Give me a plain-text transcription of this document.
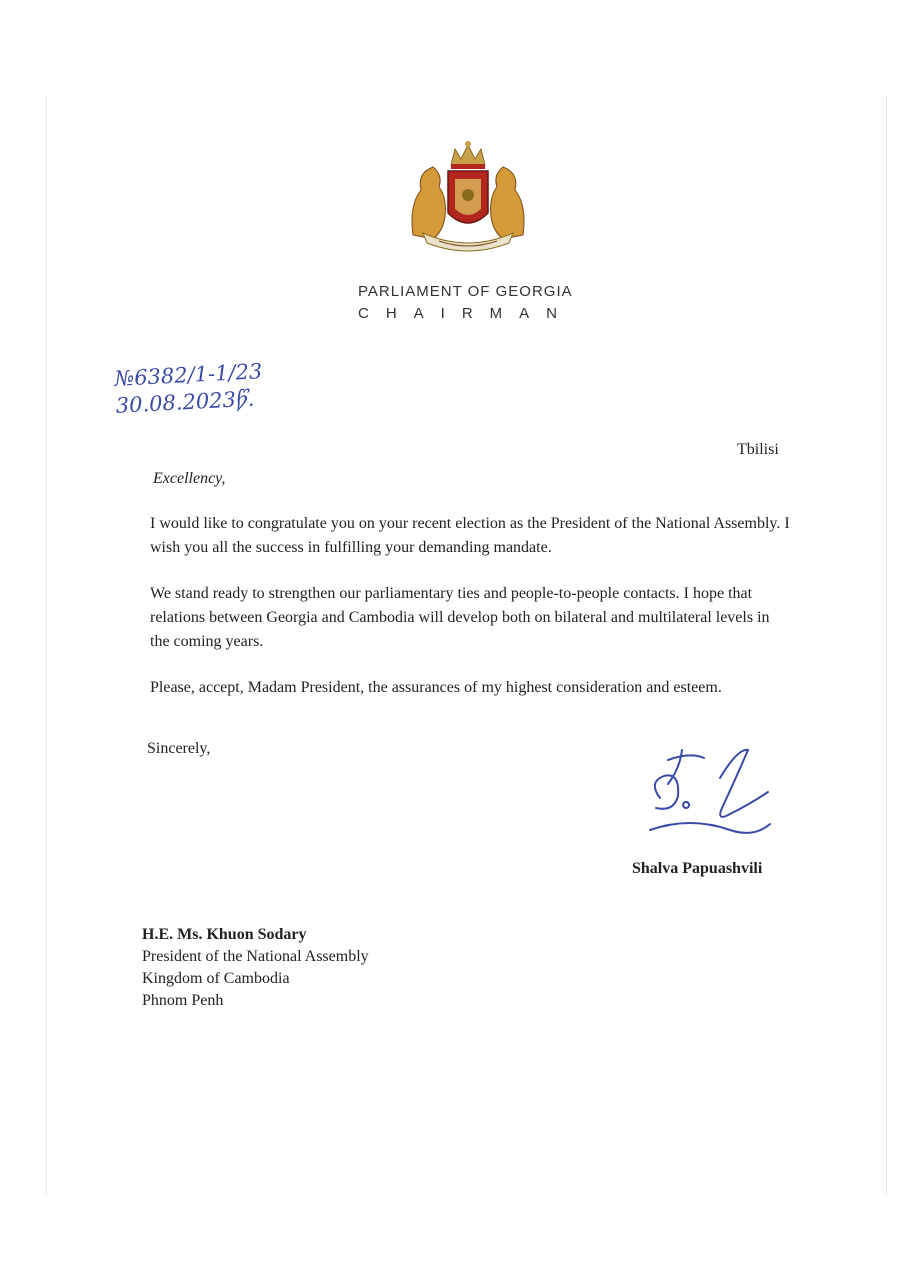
PARLIAMENT OF GEORGIA

CHAIRMAN

№6382/1-1/23
30.08.2023წ.
Tbilisi
Excellency,

I would like to congratulate you on your recent election as the President of the National Assembly. I wish you all the success in fulfilling your demanding mandate.

We stand ready to strengthen our parliamentary ties and people-to-people contacts. I hope that relations between Georgia and Cambodia will develop both on bilateral and multilateral levels in the coming years.

Please, accept, Madam President, the assurances of my highest consideration and esteem.

Sincerely,
Shalva Papuashvili
H.E. Ms. Khuon Sodary
President of the National Assembly
Kingdom of Cambodia
Phnom Penh
